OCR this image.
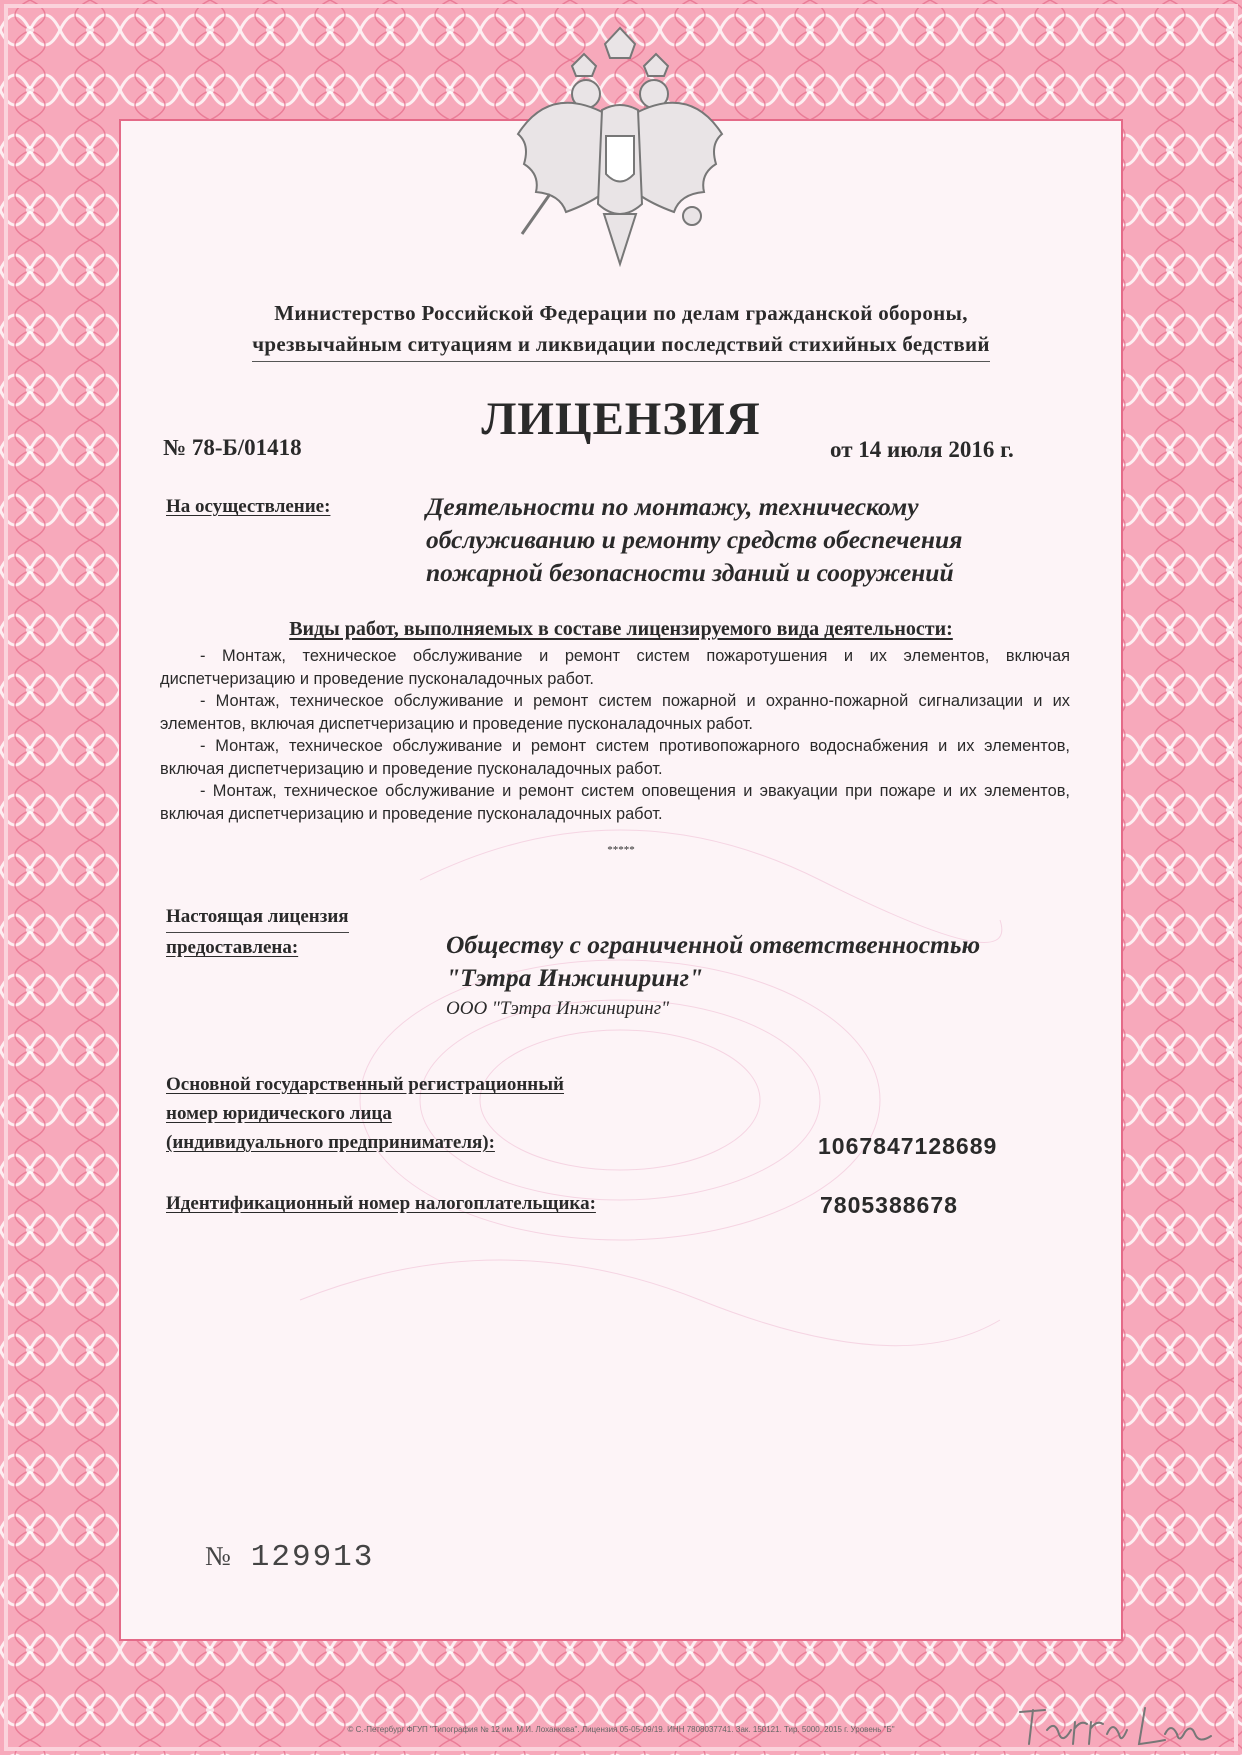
Министерство Российской Федерации по делам гражданской обороны,
чрезвычайным ситуациям и ликвидации последствий стихийных бедствий
ЛИЦЕНЗИЯ
№ 78-Б/01418	от 14 июля 2016 г.
На осуществление:	Деятельности по монтажу, техническому
обслуживанию и ремонту средств обеспечения
пожарной безопасности зданий и сооружений
Виды работ, выполняемых в составе лицензируемого вида деятельности:

- Монтаж, техническое обслуживание и ремонт систем пожаротушения и их элементов, включая диспетчеризацию и проведение пусконаладочных работ.

- Монтаж, техническое обслуживание и ремонт систем пожарной и охранно-пожарной сигнализации и их элементов, включая диспетчеризацию и проведение пусконаладочных работ.

- Монтаж, техническое обслуживание и ремонт систем противопожарного водоснабжения и их элементов, включая диспетчеризацию и проведение пусконаладочных работ.

- Монтаж, техническое обслуживание и ремонт систем оповещения и эвакуации при пожаре и их элементов, включая диспетчеризацию и проведение пусконаладочных работ.

*****
Настоящая лицензия
предоставлена:	Обществу с ограниченной ответственностью
"Тэтра Инжиниринг"
ООО "Тэтра Инжиниринг"
Основной государственный регистрационный
номер юридического лица
(индивидуального предпринимателя):	1067847128689
Идентификационный номер налогоплательщика:	7805388678
№ 129913
© С.-Петербург ФГУП "Типография № 12 им. М.И. Лоханкова". Лицензия 05-05-09/19. ИНН 7808037741. Зак. 150121. Тир. 5000. 2015 г. Уровень "Б"
